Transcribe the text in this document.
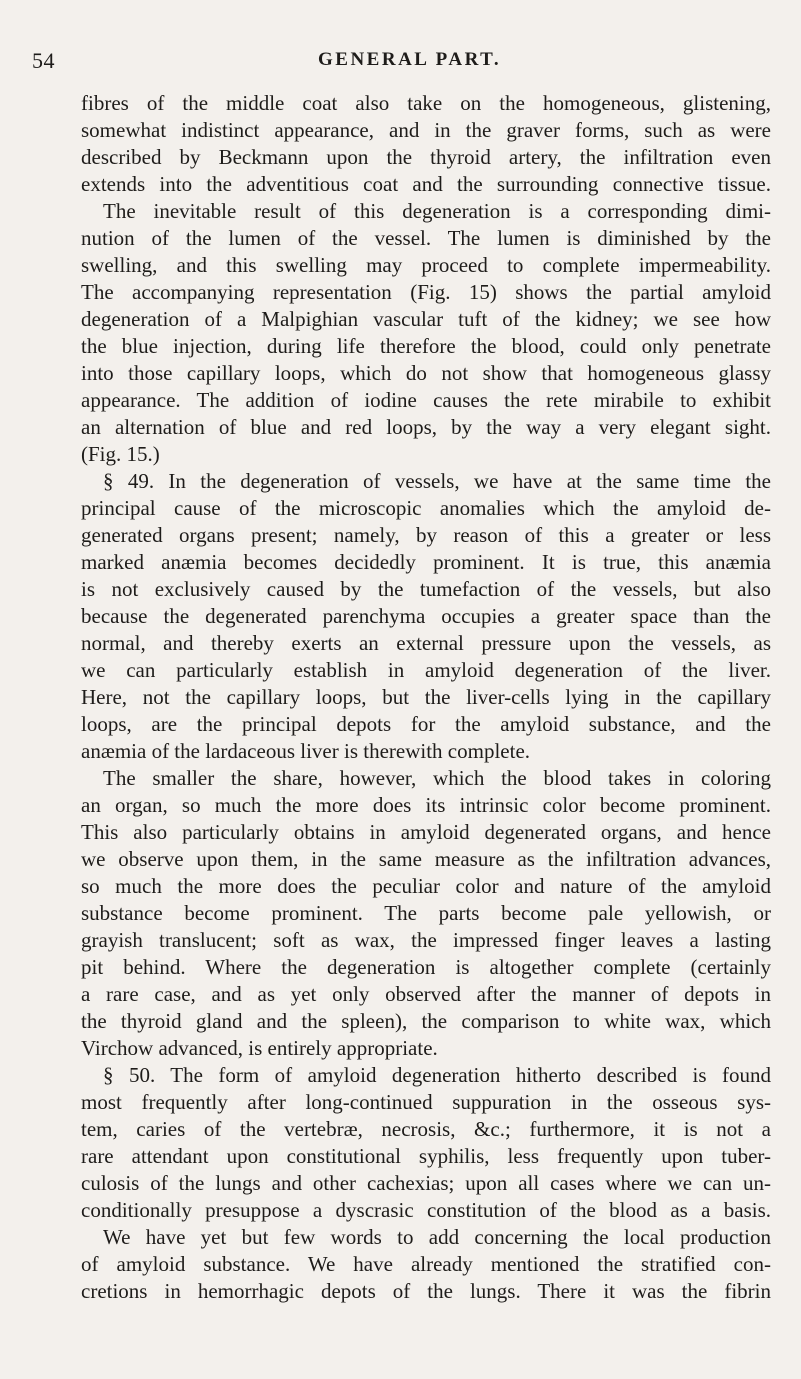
54	GENERAL PART.
fibres of the middle coat also take on the homogeneous, glistening,
somewhat indistinct appearance, and in the graver forms, such as were
described by Beckmann upon the thyroid artery, the infiltration even
extends into the adventitious coat and the surrounding connective tissue.
The inevitable result of this degeneration is a corresponding dimi-
nution of the lumen of the vessel. The lumen is diminished by the
swelling, and this swelling may proceed to complete impermeability.
The accompanying representation (Fig. 15) shows the partial amyloid
degeneration of a Malpighian vascular tuft of the kidney; we see how
the blue injection, during life therefore the blood, could only penetrate
into those capillary loops, which do not show that homogeneous glassy
appearance. The addition of iodine causes the rete mirabile to exhibit
an alternation of blue and red loops, by the way a very elegant sight.
(Fig. 15.)
§ 49. In the degeneration of vessels, we have at the same time the
principal cause of the microscopic anomalies which the amyloid de-
generated organs present; namely, by reason of this a greater or less
marked anæmia becomes decidedly prominent. It is true, this anæmia
is not exclusively caused by the tumefaction of the vessels, but also
because the degenerated parenchyma occupies a greater space than the
normal, and thereby exerts an external pressure upon the vessels, as
we can particularly establish in amyloid degeneration of the liver.
Here, not the capillary loops, but the liver-cells lying in the capillary
loops, are the principal depots for the amyloid substance, and the
anæmia of the lardaceous liver is therewith complete.
The smaller the share, however, which the blood takes in coloring
an organ, so much the more does its intrinsic color become prominent.
This also particularly obtains in amyloid degenerated organs, and hence
we observe upon them, in the same measure as the infiltration advances,
so much the more does the peculiar color and nature of the amyloid
substance become prominent. The parts become pale yellowish, or
grayish translucent; soft as wax, the impressed finger leaves a lasting
pit behind. Where the degeneration is altogether complete (certainly
a rare case, and as yet only observed after the manner of depots in
the thyroid gland and the spleen), the comparison to white wax, which
Virchow advanced, is entirely appropriate.
§ 50. The form of amyloid degeneration hitherto described is found
most frequently after long-continued suppuration in the osseous sys-
tem, caries of the vertebræ, necrosis, &c.; furthermore, it is not a
rare attendant upon constitutional syphilis, less frequently upon tuber-
culosis of the lungs and other cachexias; upon all cases where we can un-
conditionally presuppose a dyscrasic constitution of the blood as a basis.
We have yet but few words to add concerning the local production
of amyloid substance. We have already mentioned the stratified con-
cretions in hemorrhagic depots of the lungs. There it was the fibrin
